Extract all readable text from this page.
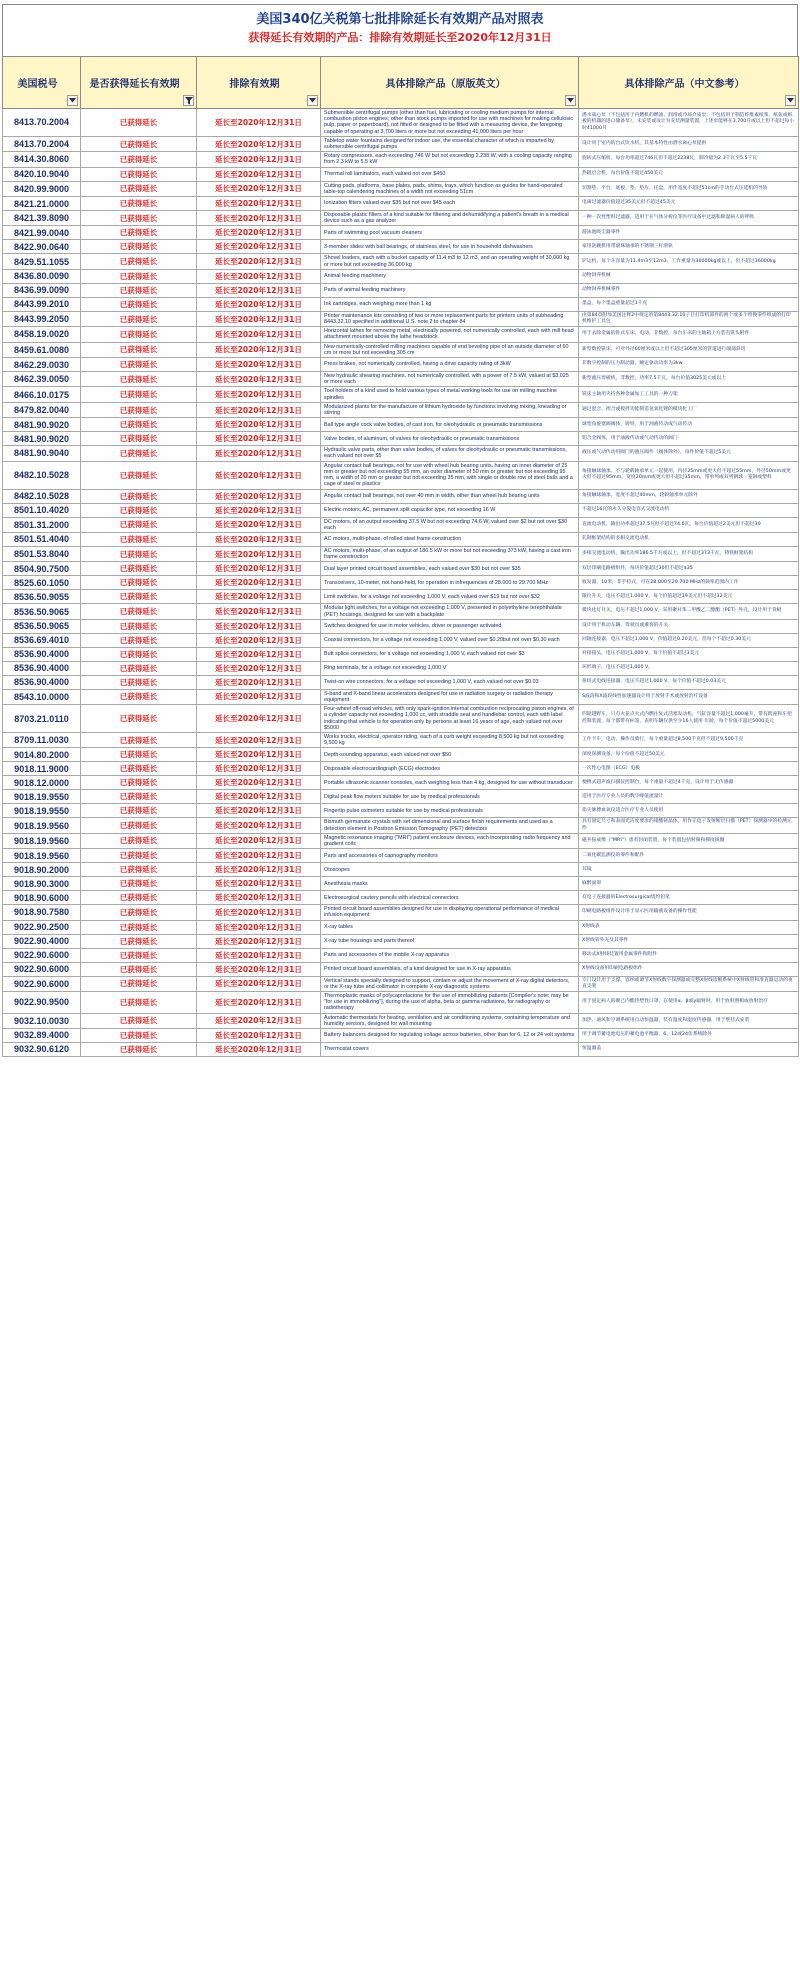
美国340亿关税第七批排除延长有效期产品对照表
获得延长有效期的产品：排除有效期延长至2020年12月31日
美国税号	是否获得延长有效期	排除有效期	具体排除产品（原版英文）	具体排除产品（中文参考）

8413.70.2004	已获得延长	延长至2020年12月31日	Submersible centrifugal pumps (other than fuel, lubricating or cooling medium pumps for internal combustion piston engines; other than stock pumps imported for use with machines for making cellulosic pulp, paper or paperboard), not fitted or designed to be fitted with a measuring device, the foregoing capable of operating at 3,700 liters or more but not exceeding 41,000 liters per hour	潜水离心泵（不包括用于内燃机的燃油、润滑或冷却介质泵；不包括用于制造纤维素纸浆、纸张或纸板的机器的进口储备泵），未安装或设计为安装测量装置，上述泵能够在3,700升或以上但不超过每小时41000升
8413.70.2004	已获得延长	延长至2020年12月31日	Tabletop water fountains designed for indoor use, the essential character of which is imparted by submersible centrifugal pumps	设计用于室内的台式饮水机，其基本特性由潜水离心泵提供
8414.30.8060	已获得延长	延长至2020年12月31日	Rotary compressors, each exceeding 746 W but not exceeding 2,238 W, with a cooling capacity ranging from 2.3 kW to 5.5 kW	旋转式压缩机，每台功率超过746瓦但不超过2238瓦，制冷量为2.3千瓦至5.5千瓦
8420.10.9040	已获得延长	延长至2020年12月31日	Thermal roll laminators, each valued not over $450	热辊层合机，每台价值不超过450美元
8420.99.9000	已获得延长	延长至2020年12月31日	Cutting pads, platforms, base plates, pads, shims, trays, which function as guides for hand-operated table-top calendering machines of a width not exceeding 51cm	切割垫、平台、底板、垫、垫片、托盘，用作宽度不超过51cm的手动台式压延机的导轨
8421.21.0000	已获得延长	延长至2020年12月31日	Ionization filters valued over $35 but not over $45 each	电离过滤器价值超过35美元但不超过45美元
8421.39.8090	已获得延长	延长至2020年12月31日	Disposable plastic filters of a kind suitable for filtering and dehumidifying a patient's breath in a medical device such as a gas analyzer	一种一次性塑料过滤器，适用于在气体分析仪等医疗设备中过滤和除湿病人的呼吸
8421.99.0040	已获得延长	延长至2020年12月31日	Parts of swimming pool vacuum cleaners	游泳池吸尘器零件
8422.90.0640	已获得延长	延长至2020年12月31日	3-member slides with ball bearings, of stainless steel, for use in household dishwashers	家用洗碗机用带滚珠轴承的不锈钢三杆滑轨
8429.51.1055	已获得延长	延长至2020年12月31日	Shovel loaders, each with a bucket capacity of 11.4 m3 to 12 m3, and an operating weight of 30,000 kg or more but not exceeding 36,000 kg	铲运机，每个斗容量为11.4m3至12m3，工作重量为30000kg或以上，但不超过36000kg
8436.80.0090	已获得延长	延长至2020年12月31日	Animal feeding machinery	动物饲养机械
8436.99.0090	已获得延长	延长至2020年12月31日	Parts of animal feeding machinery	动物饲养机械零件
8443.99.2010	已获得延长	延长至2020年12月31日	Ink cartridges, each weighing more than 1 kg	墨盒，每个墨盒重量超过1千克
8443.99.2050	已获得延长	延长至2020年12月31日	Printer maintenance kits consisting of two or more replacement parts for printers units of subheading 8443.32.10 specified in additional U.S. note 2 to chapter 84	由第84章附加美国注释2中规定的第8443.32.10子目打印机部件的两个或多个替换零件组成的打印机维护工具包
8458.19.0020	已获得延长	延长至2020年12月31日	Horizontal lathes for removing metal, electrically powered, not numerically controlled, each with mill head attachment mounted above the lathe headstock	用于去除金属的卧式车床，电动，非数控，每台车床的主轴箱上方装有铣头附件
8459.61.0080	已获得延长	延长至2020年12月31日	New numerically-controlled milling machines capable of end beveling pipe of an outside diameter of 60 cm or more but not exceeding 305 cm	新型数控铣床，可对外径60厘米或以上但不超过305厘米的管道进行端部斜切
8462.29.0030	已获得延长	延长至2020年12月31日	Press brakes, not numerically controlled, having a drive capacity rating of 3kW	非数字控制的压力制动器，额定驱动功率为3kw
8462.39.0050	已获得延长	延长至2020年12月31日	New hydraulic shearing machines, not numerically controlled, with a power of 7.5 kW, valued at $3,025 or more each	新型液压剪板机，非数控，功率7.5千瓦，每台价值3025美元或以上
8466.10.0175	已获得延长	延长至2020年12月31日	Tool holders of a kind used to hold various types of metal working tools for use on milling machine spindles	铣床主轴用夹持各种金属加工工具的一种刀架
8479.82.0040	已获得延长	延长至2020年12月31日	Modularized plants for the manufacture of lithium hydroxide by functions involving mixing, kneading or stirring	通过混合、捏合或搅拌功能制造氢氧化锂的模块化工厂
8481.90.9020	已获得延长	延长至2020年12月31日	Ball type angle cock valve bodies, of cast iron, for oleohydraulic or pneumatic transmissions	球型角旋塞阀阀体，铸铁，用于油液传动或气动传动
8481.90.9020	已获得延长	延长至2020年12月31日	Valve bodies, of aluminum, of valves for oleohydraulic or pneumatic transmissions	铝合金阀体，用于油液传动或气动传动的阀门
8481.90.9040	已获得延长	延长至2020年12月31日	Hydraulic valve parts, other than valve bodies, of valves for oleohydraulic or pneumatic transmissions, each valued not over $5	液压或气动传动用阀门的液压阀件（阀体除外），每件价值不超过5美元
8482.10.5028	已获得延长	延长至2020年12月31日	Angular contact ball bearings, not for use with wheel hub bearing units, having an inner diameter of 25 mm or greater but not exceeding 55 mm, an outer diameter of 50 mm or greater but not exceeding 95 mm, a width of 20 mm or greater but not exceeding 35 mm, with single or double row of steel balls and a cage of steel or plastics	角接触球轴承，不与轮毂轴承单元一起使用，内径25mm或更大但不超过55mm，外径50mm或更大但不超过95mm，宽度20mm或更大但不超过35mm，带单列或双列钢球一笼钢或塑料
8482.10.5028	已获得延长	延长至2020年12月31日	Angular contact ball bearings, not over 40 mm in width, other than wheel hub bearing units	角接触球轴承，宽度不超过40mm，轮毂轴承单元除外
8501.10.4020	已获得延长	延长至2020年12月31日	Electric motors, AC, permanent split capacitor type, not exceeding 16 W	不超过16瓦的永久分裂电容式交流电动机
8501.31.2000	已获得延长	延长至2020年12月31日	DC motors, of an output exceeding 37.5 W but not exceeding 74.6 W, valued over $2 but not over $30 each	直流电动机，输出功率超过37.5瓦但不超过74.6瓦，每台价值超过2美元但不超过30
8501.51.4040	已获得延长	延长至2020年12月31日	AC motors, multi-phase, of rolled steel frame construction	轧钢框架结构的多相交流电动机
8501.53.8040	已获得延长	延长至2020年12月31日	AC motors, multi-phase, of an output of 186.5 kW or more but not exceeding 373 kW, having a cast iron frame construction	多相交流电动机，输出功率186.5千瓦或以上，但不超过373千瓦，铸铁框架结构
8504.90.7500	已获得延长	延长至2020年12月31日	Dual layer printed circuit board assemblies, each valued over $30 but not over $35	双层印刷电路板组件，每块价值超过30但不超过$35
8525.60.1050	已获得延长	延长至2020年12月31日	Transceivers, 10-meter, not hand-held, for operation in infrequencies of 28.000 to 29.700 MHz	收发器，10米，非手持式，可在28.000至29.700 MHz的频率范围内工作
8536.50.9055	已获得延长	延长至2020年12月31日	Limit switches, for a voltage not exceeding 1,000 V, each valued over $19 but not over $32	限位开关，电压不超过1,000 V，每个价值超过19美元但不超过32美元
8536.50.9065	已获得延长	延长至2020年12月31日	Modular light switches, for a voltage not exceeding 1,000 V, presented in polyethylene terephthalate (PET) housings, designed for use with a backplate	模块化灯开关，电压不超过1,000 V，采用聚对苯二甲酸乙二醇酯（PET）外壳，设计用于背板
8536.50.9065	已获得延长	延长至2020年12月31日	Switches designed for use in motor vehicles, driver or passenger activated	设计用于机动车辆、驾驶员或乘客的开关
8536.69.4010	已获得延长	延长至2020年12月31日	Coaxial connectors, for a voltage not exceeding 1,000 V, valued over $0.20but not over $0.30 each	同轴连接器，电压不超过1,000 V，价值超过0.20美元，但每个不超过0.30美元
8536.90.4000	已获得延长	延长至2020年12月31日	Butt splice connectors, for a voltage not exceeding 1,000 V, each valued not over $3	对接接头，电压不超过1,000 V，每个价值不超过3美元
8536.90.4000	已获得延长	延长至2020年12月31日	Ring terminals, for a voltage not exceeding 1,000 V	环形端子，电压不超过1,000 V。
8536.90.4000	已获得延长	延长至2020年12月31日	Twist-on wire connectors, for a voltage not exceeding 1,000 V, each valued not over $0.03	扭绞式电线连接器，电压不超过1,000 V，每个价值不超过0.03美元
8543.10.0000	已获得延长	延长至2020年12月31日	S-band and X-band linear accelerators designed for use in radiation surgery or radiation therapy equipment	S波段和X波段线性加速器设计用于放射手术或放射治疗设备
8703.21.0110	已获得延长	延长至2020年12月31日	Four-wheel off-road vehicles, with only spark-ignition internal combustion reciprocating piston engines, of a cylinder capacity not exceeding 1,000 cc, with straddle seat and handlebar control, each with label indicating that vehicle is for operation only by persons at least 16 years of age, each valued not over $5000	四轮越野车，只有火花点火式内燃往复式活塞发动机，气缸容量不超过1,000毫升，带有跨座和车把控制装置，每个都带有标签，表明车辆仅供至少16人使用 年龄，每个价值不超过5000美元
8709.11.0030	已获得延长	延长至2020年12月31日	Works trucks, electrical, operator riding, each of a curb weight exceeding 8,500 kg but not exceeding 9,500 kg	工作卡车，电动，操作员骑行，每个重量超过8,500千克但不超过9,500千克
9014.80.2000	已获得延长	延长至2020年12月31日	Depth-sounding apparatus, each valued not over $50	深度探测设备，每个价值不超过50美元
9018.11.9000	已获得延长	延长至2020年12月31日	Disposable electrocardiograph (ECG) electrodes	一次性心电图（ECG）电极
9018.12.0000	已获得延长	延长至2020年12月31日	Portable ultrasonic scanner consoles, each weighing less than 4 kg, designed for use without transducer	便携式超声波扫描仪控制台，每个重量不超过4千克，设计用于无传感器
9018.19.9550	已获得延长	延长至2020年12月31日	Digital peak flow meters suitable for use by medical professionals	适用于医疗专业人员的数字峰值流量计
9018.19.9550	已获得延长	延长至2020年12月31日	Fingertip pulse oximeters suitable for use by medical professionals	指尖脉搏血氧仪适合医疗专业人员使用
9018.19.9560	已获得延长	延长至2020年12月31日	Bismuth germanate crystals with set dimensional and surface finish requirements and used as a detection element in Positron Emission Tomography (PET) detectors	具有固定尺寸和表面光洁度要求的锗酸铋晶体，用作正电子发射断层扫描（PET）探测器中的检测元件
9018.19.9560	已获得延长	延长至2020年12月31日	Magnetic resonance imaging ("MRI") patient enclosure devices, each incorporating radio frequency and gradient coils	磁共振成像（"MRI"）患者封闭装置，每个装置包括射频和梯度线圈
9018.19.9560	已获得延长	延长至2020年12月31日	Parts and accessories of capnography monitors	二氧化碳监测仪的零件和配件
9018.90.2000	已获得延长	延长至2020年12月31日	Otoscopes	耳镜
9018.90.3000	已获得延长	延长至2020年12月31日	Anesthesia masks	麻醉面罩
9018.90.6000	已获得延长	延长至2020年12月31日	Electrosurgical cautery pencils with electrical connectors	有电子连接器的Electrosurgical烧灼铅笔
9018.90.7580	已获得延长	延长至2020年12月31日	Printed circuit board assemblies designed for use in displaying operational performance of medical infusion equipment	印刷电路板组件设计用于显示医用输液设备的操作性能
9022.90.2500	已获得延长	延长至2020年12月31日	X-ray tables	X射线表
9022.90.4000	已获得延长	延长至2020年12月31日	X-ray tube housings and parts thereof	X射线管外壳及其零件
9022.90.6000	已获得延长	延长至2020年12月31日	Parts and accessories of the mobile X-ray apparatus	移动式X射线装置用金属零件和附件
9022.90.6000	已获得延长	延长至2020年12月31日	Printed circuit board assemblies, of a kind designed for use in X-ray apparatus	X射线设备用印刷电路板组件
9022.90.6000	已获得延长	延长至2020年12月31日	Vertical stands specially designed to support, contain or adjust the movement of X-ray digital detectors, or the X-ray tube and collimator in complete X-ray diagnostic systems	专门设计用于支撑、容纳或调节X射线数字探测器或完整X射线诊断系统中X射线管和准直器运动的垂直支架
9022.90.9500	已获得延长	延长至2020年12月31日	Thermoplastic masks of polycaprolactone for the use of immobilizing patients [Compiler's note: may be "for use in immobilizing"], during the use of alpha, beta or gamma radiations, for radiography or radiotherapy	用于固定病人的聚己内酯热塑性口罩，在使用α、β或γ辐射时，用于放射照相或放射治疗
9032.10.0030	已获得延长	延长至2020年12月31日	Automatic thermostats for heating, ventilation and air conditioning systems, containing temperature and humidity sensors, designed for wall mounting	加热、通风和空调系统用自动恒温器，装有温度和湿度传感器，用于壁挂式安装
9032.89.4000	已获得延长	延长至2020年12月31日	Battery balancers designed for regulating voltage across batteries, other than for 6, 12 or 24 volt systems	用于调节蓄电池电压的蓄电池平衡器，6、12或24伏系统除外
9032.90.6120	已获得延长	延长至2020年12月31日	Thermostat covers	恒温器盖
